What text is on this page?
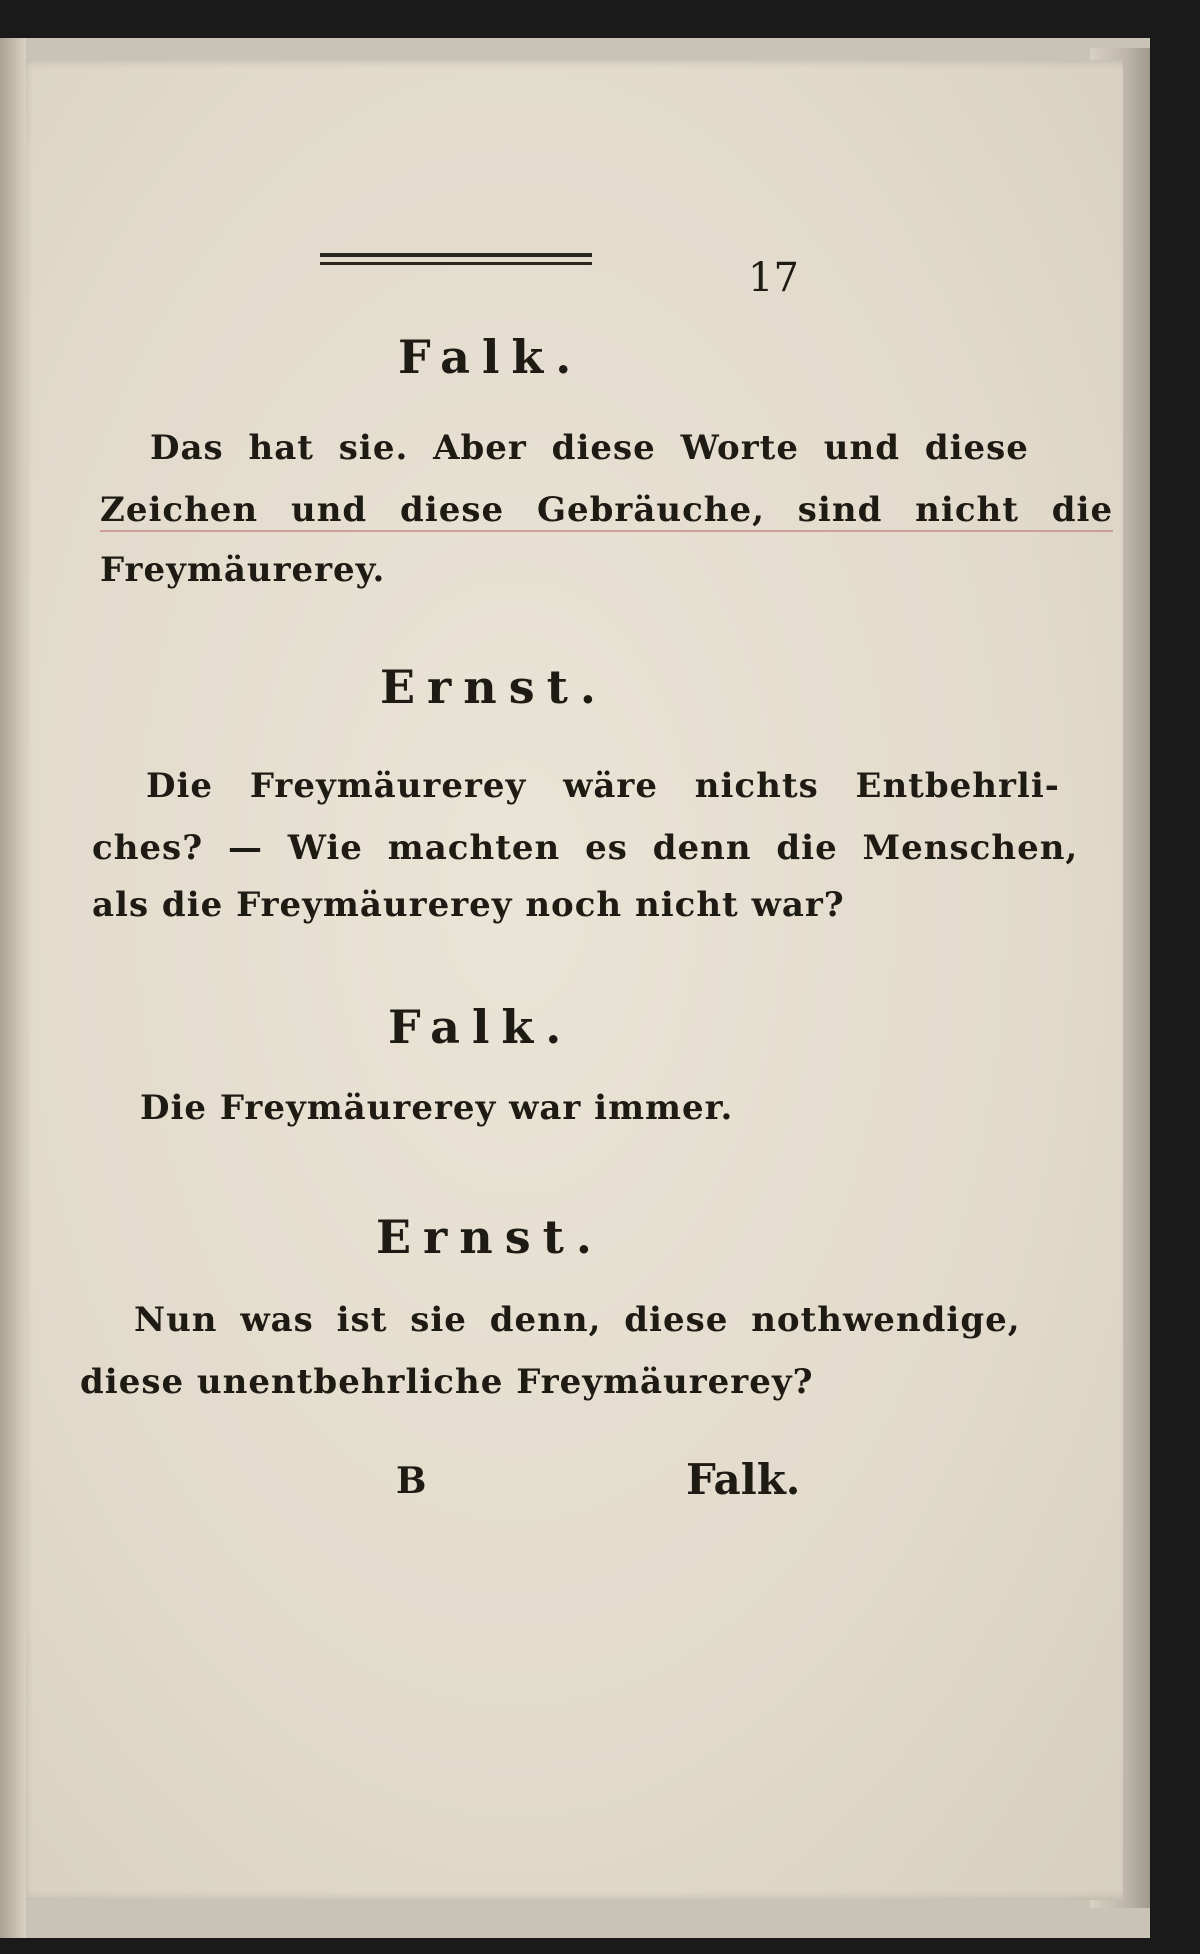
17
Falk.
Das hat sie. Aber diese Worte und diese
Zeichen und diese Gebräuche, sind nicht die
Freymäurerey.
Ernst.
Die Freymäurerey wäre nichts Entbehrli-
ches? — Wie machten es denn die Menschen,
als die Freymäurerey noch nicht war?
Falk.
Die Freymäurerey war immer.
Ernst.
Nun was ist sie denn, diese nothwendige,
diese unentbehrliche Freymäurerey?
B	Falk.
